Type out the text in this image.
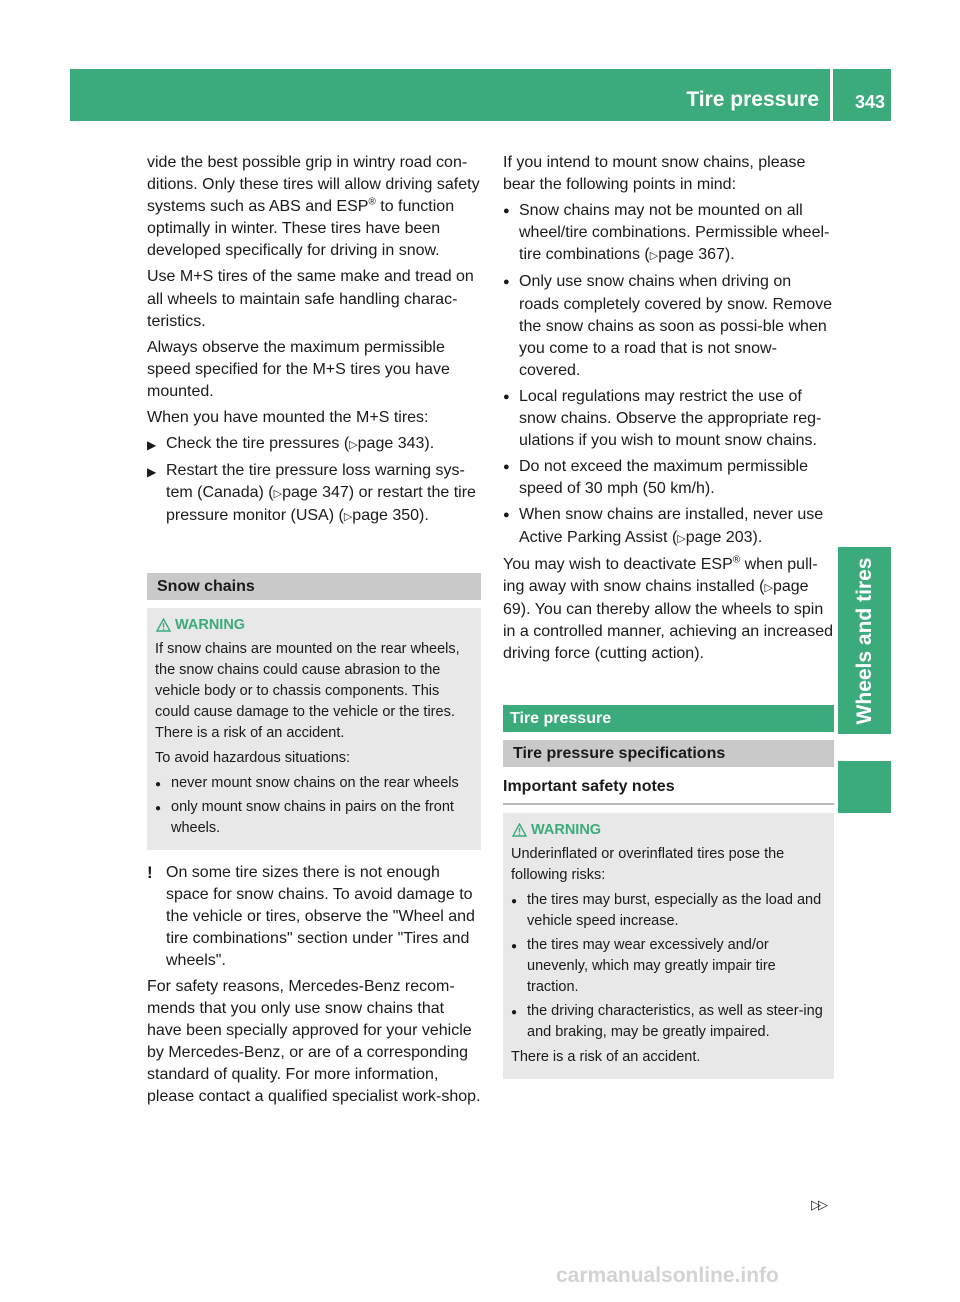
Tire pressure 343
Wheels and tires

vide the best possible grip in wintry road con-ditions. Only these tires will allow driving safety systems such as ABS and ESP® to function optimally in winter. These tires have been developed specifically for driving in snow.

Use M+S tires of the same make and tread on all wheels to maintain safe handling charac-teristics.

Always observe the maximum permissible speed specified for the M+S tires you have mounted.

When you have mounted the M+S tires:

▶ Check the tire pressures (▷page 343).
▶ Restart the tire pressure loss warning sys-tem (Canada) (▷page 347) or restart the tire pressure monitor (USA) (▷page 350).
Snow chains
WARNING

If snow chains are mounted on the rear wheels, the snow chains could cause abrasion to the vehicle body or to chassis components. This could cause damage to the vehicle or the tires. There is a risk of an accident.

To avoid hazardous situations:

● never mount snow chains on the rear wheels
● only mount snow chains in pairs on the front wheels.
! On some tire sizes there is not enough space for snow chains. To avoid damage to the vehicle or tires, observe the "Wheel and tire combinations" section under "Tires and wheels".

For safety reasons, Mercedes-Benz recom-mends that you only use snow chains that have been specially approved for your vehicle by Mercedes-Benz, or are of a corresponding standard of quality. For more information, please contact a qualified specialist work-shop.

If you intend to mount snow chains, please bear the following points in mind:

● Snow chains may not be mounted on all wheel/tire combinations. Permissible wheel-tire combinations (▷page 367).
● Only use snow chains when driving on roads completely covered by snow. Remove the snow chains as soon as possi-ble when you come to a road that is not snow-covered.
● Local regulations may restrict the use of snow chains. Observe the appropriate reg-ulations if you wish to mount snow chains.
● Do not exceed the maximum permissible speed of 30 mph (50 km/h).
● When snow chains are installed, never use Active Parking Assist (▷page 203).

You may wish to deactivate ESP® when pull-ing away with snow chains installed (▷page 69). You can thereby allow the wheels to spin in a controlled manner, achieving an increased driving force (cutting action).

Tire pressure
Tire pressure specifications
Important safety notes
WARNING

Underinflated or overinflated tires pose the following risks:

● the tires may burst, especially as the load and vehicle speed increase.
● the tires may wear excessively and/or unevenly, which may greatly impair tire traction.
● the driving characteristics, as well as steer-ing and braking, may be greatly impaired.

There is a risk of an accident.

▷▷
carmanualsonline.info
